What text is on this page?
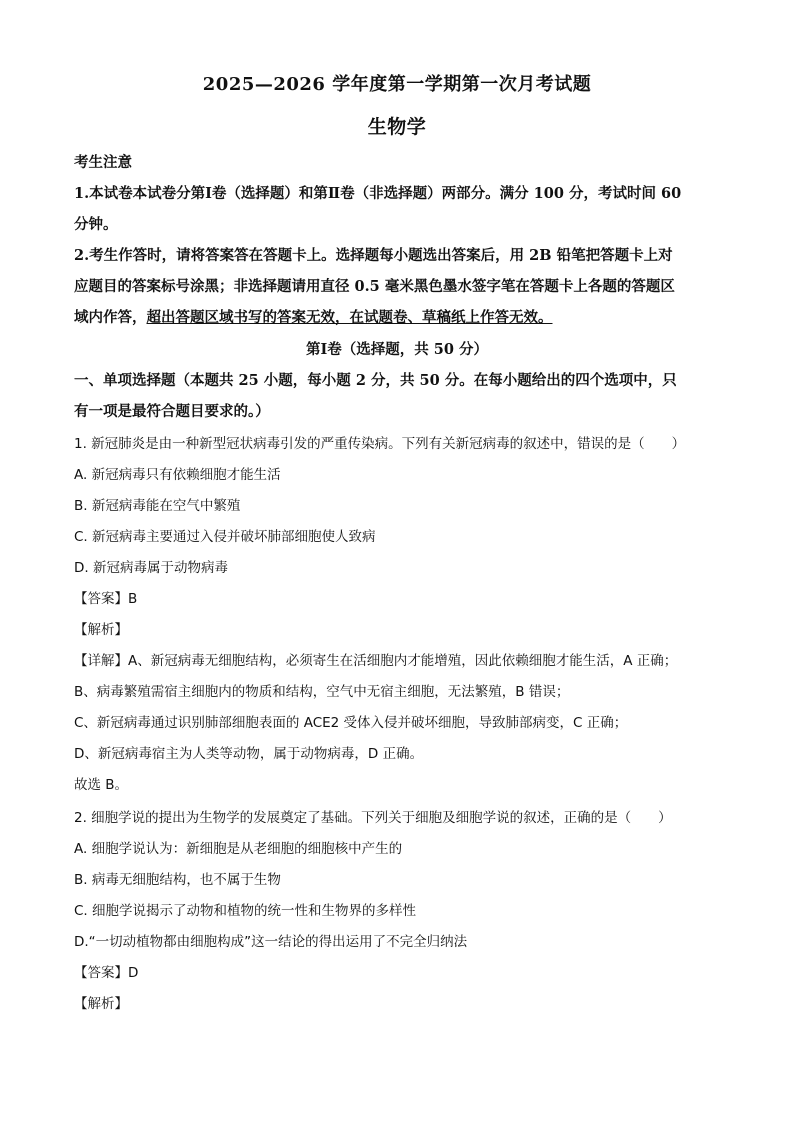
2025—2026 学年度第一学期第一次月考试题
生物学
考生注意
1.本试卷本试卷分第Ⅰ卷（选择题）和第Ⅱ卷（非选择题）两部分。满分 100 分，考试时间 60
分钟。
2.考生作答时，请将答案答在答题卡上。选择题每小题选出答案后，用 2B 铅笔把答题卡上对
应题目的答案标号涂黑；非选择题请用直径 0.5 毫米黑色墨水签字笔在答题卡上各题的答题区
域内作答，超出答题区域书写的答案无效，在试题卷、草稿纸上作答无效。
第Ⅰ卷（选择题，共 50 分）
一、单项选择题（本题共 25 小题，每小题 2 分，共 50 分。在每小题给出的四个选项中，只
有一项是最符合题目要求的。）
1. 新冠肺炎是由一种新型冠状病毒引发的严重传染病。下列有关新冠病毒的叙述中，错误的是（　　）
A. 新冠病毒只有依赖细胞才能生活
B. 新冠病毒能在空气中繁殖
C. 新冠病毒主要通过入侵并破坏肺部细胞使人致病
D. 新冠病毒属于动物病毒
【答案】B
【解析】
【详解】A、新冠病毒无细胞结构，必须寄生在活细胞内才能增殖，因此依赖细胞才能生活，A 正确；
B、病毒繁殖需宿主细胞内的物质和结构，空气中无宿主细胞，无法繁殖，B 错误；
C、新冠病毒通过识别肺部细胞表面的 ACE2 受体入侵并破坏细胞，导致肺部病变，C 正确；
D、新冠病毒宿主为人类等动物，属于动物病毒，D 正确。
故选 B。
2. 细胞学说的提出为生物学的发展奠定了基础。下列关于细胞及细胞学说的叙述，正确的是（　　）
A. 细胞学说认为：新细胞是从老细胞的细胞核中产生的
B. 病毒无细胞结构，也不属于生物
C. 细胞学说揭示了动物和植物的统一性和生物界的多样性
D.“一切动植物都由细胞构成”这一结论的得出运用了不完全归纳法
【答案】D
【解析】
